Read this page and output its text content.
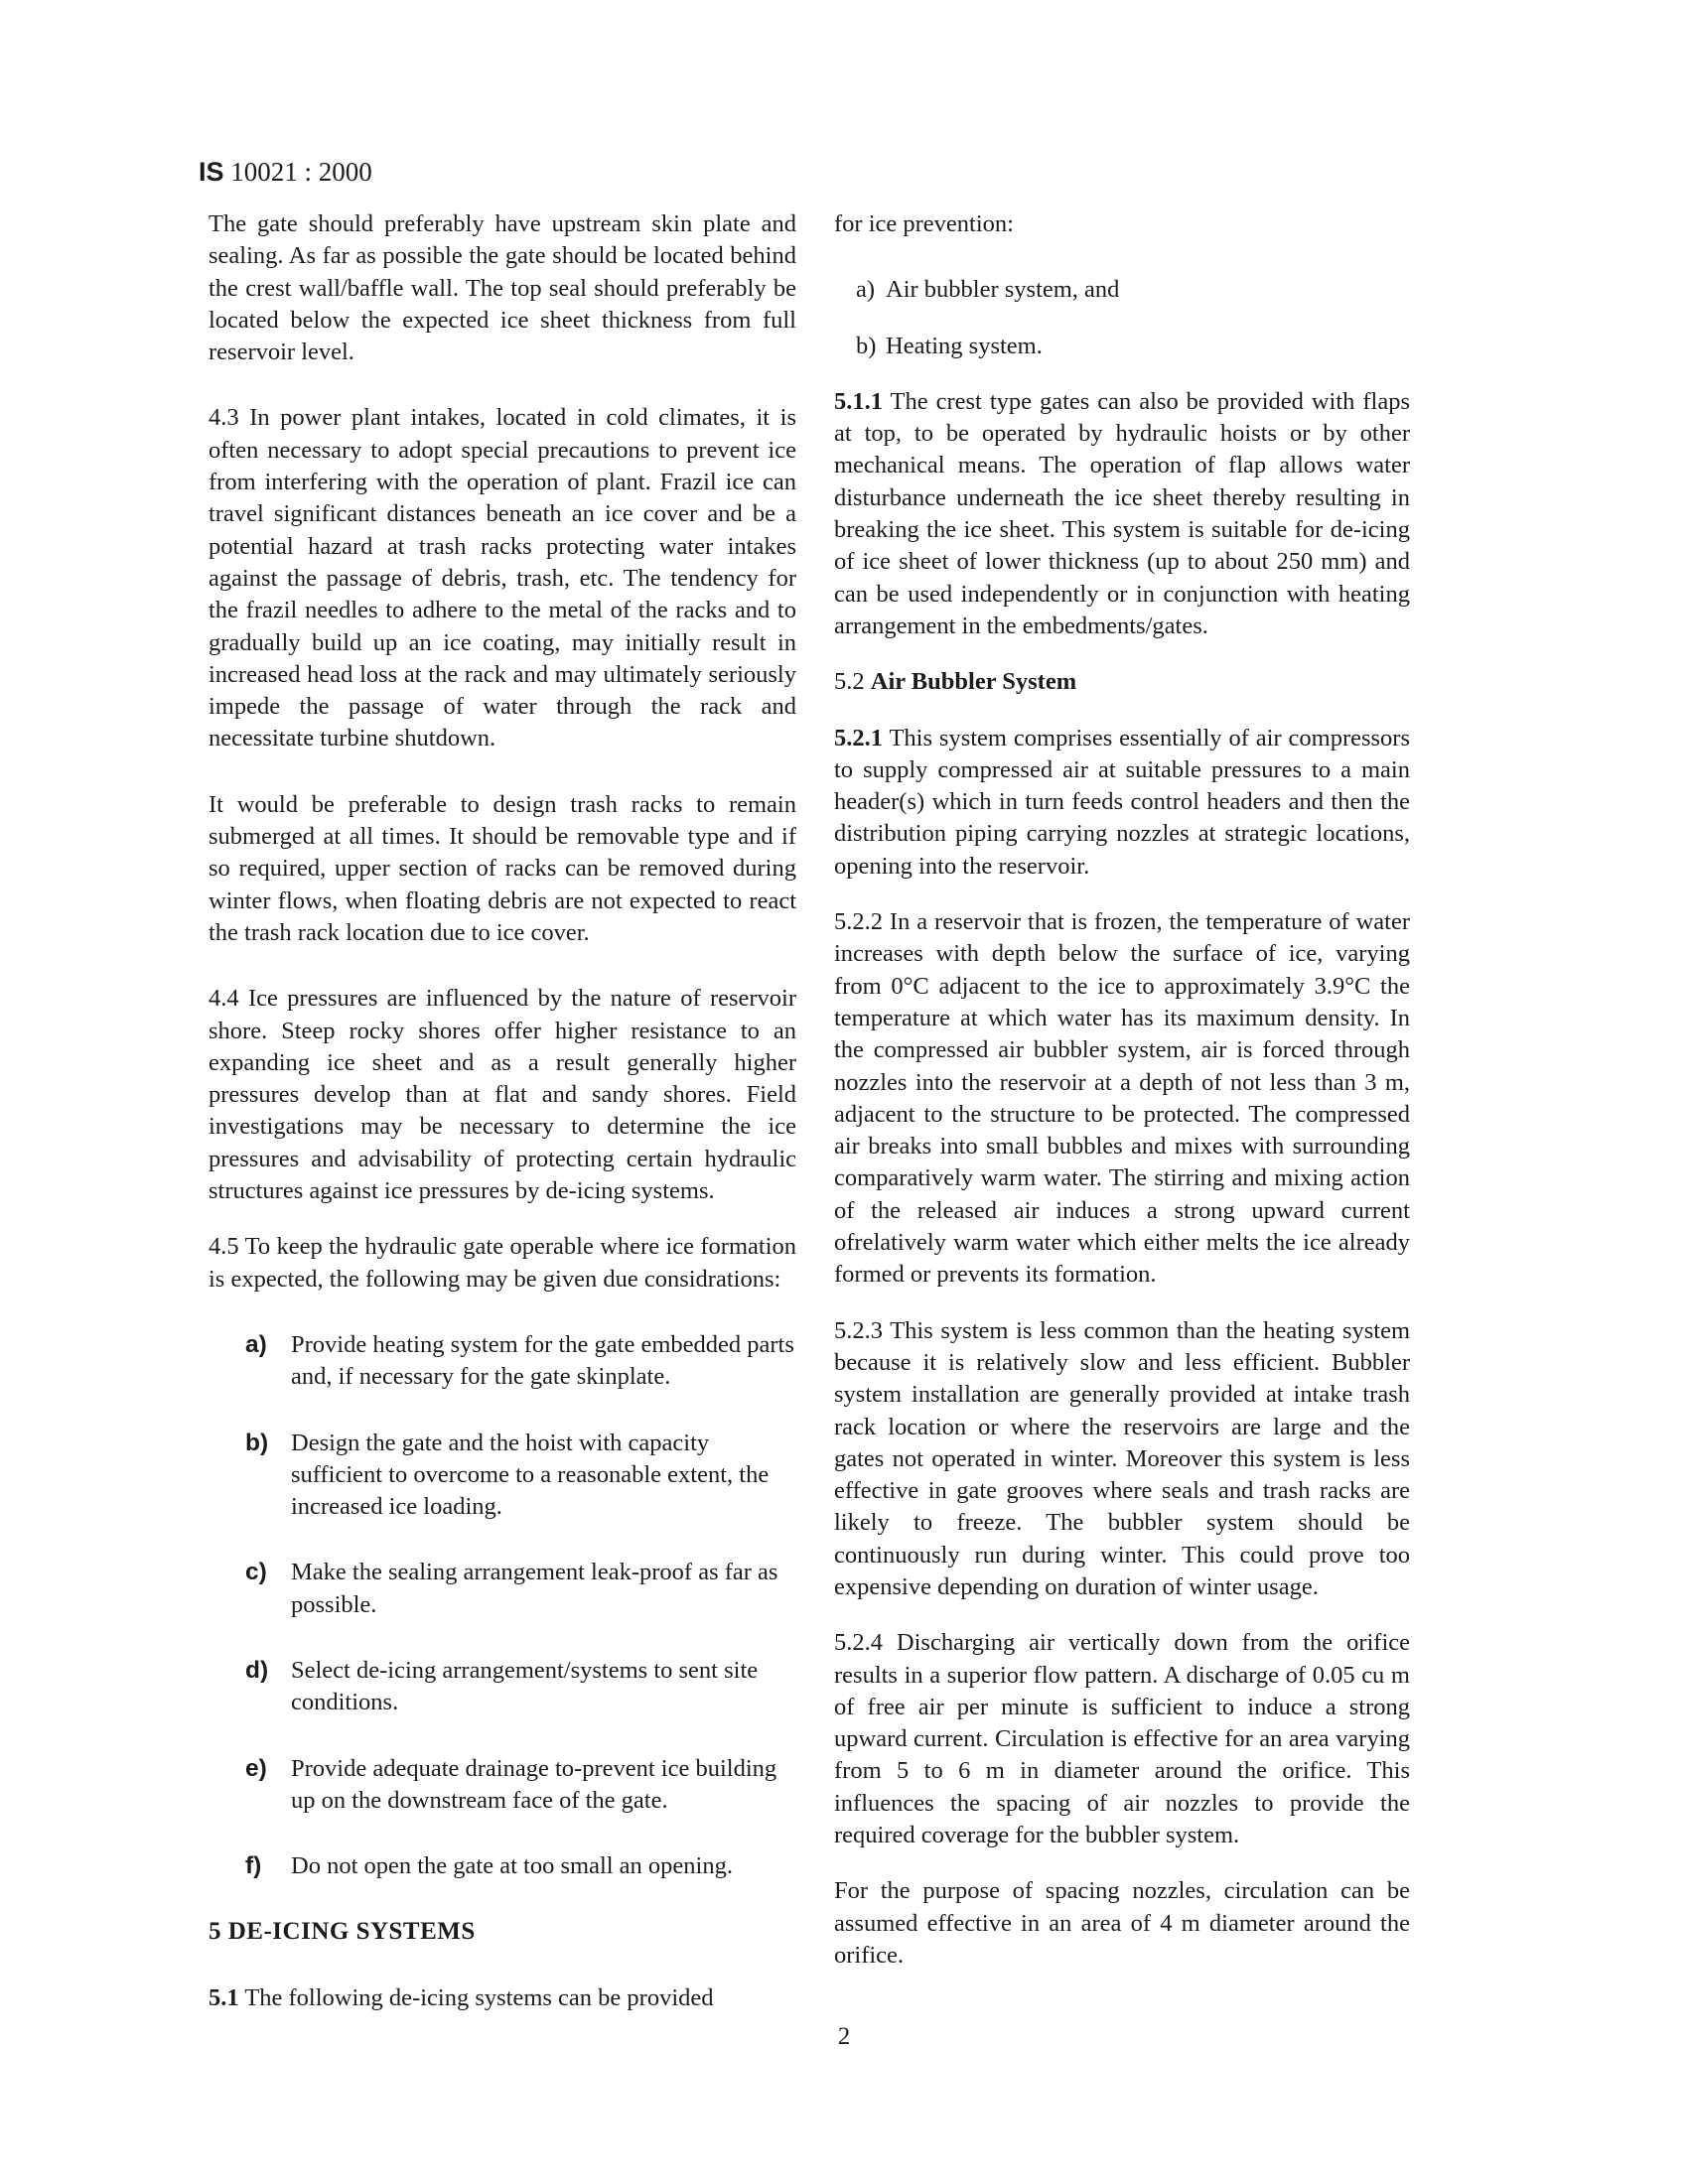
IS 10021 : 2000

The gate should preferably have upstream skin plate and sealing. As far as possible the gate should be located behind the crest wall/baffle wall. The top seal should preferably be located below the expected ice sheet thickness from full reservoir level.

4.3 In power plant intakes, located in cold climates, it is often necessary to adopt special precautions to prevent ice from interfering with the operation of plant. Frazil ice can travel significant distances beneath an ice cover and be a potential hazard at trash racks protecting water intakes against the passage of debris, trash, etc. The tendency for the frazil needles to adhere to the metal of the racks and to gradually build up an ice coating, may initially result in increased head loss at the rack and may ultimately seriously impede the passage of water through the rack and necessitate turbine shutdown.

It would be preferable to design trash racks to remain submerged at all times. It should be removable type and if so required, upper section of racks can be removed during winter flows, when floating debris are not expected to react the trash rack location due to ice cover.

4.4 Ice pressures are influenced by the nature of reservoir shore. Steep rocky shores offer higher resistance to an expanding ice sheet and as a result generally higher pressures develop than at flat and sandy shores. Field investigations may be necessary to determine the ice pressures and advisability of protecting certain hydraulic structures against ice pressures by de-icing systems.

4.5 To keep the hydraulic gate operable where ice formation is expected, the following may be given due considrations:

a) Provide heating system for the gate embedded parts and, if necessary for the gate skinplate.

b) Design the gate and the hoist with capacity sufficient to overcome to a reasonable extent, the increased ice loading.

c) Make the sealing arrangement leak-proof as far as possible.

d) Select de-icing arrangement/systems to sent site conditions.

e) Provide adequate drainage to-prevent ice building up on the downstream face of the gate.

f) Do not open the gate at too small an opening.

5 DE-ICING SYSTEMS

5.1 The following de-icing systems can be provided

for ice prevention:

a) Air bubbler system, and

b) Heating system.

5.1.1 The crest type gates can also be provided with flaps at top, to be operated by hydraulic hoists or by other mechanical means. The operation of flap allows water disturbance underneath the ice sheet thereby resulting in breaking the ice sheet. This system is suitable for de-icing of ice sheet of lower thickness (up to about 250 mm) and can be used independently or in conjunction with heating arrangement in the embedments/gates.

5.2 Air Bubbler System

5.2.1 This system comprises essentially of air compressors to supply compressed air at suitable pressures to a main header(s) which in turn feeds control headers and then the distribution piping carrying nozzles at strategic locations, opening into the reservoir.

5.2.2 In a reservoir that is frozen, the temperature of water increases with depth below the surface of ice, varying from 0°C adjacent to the ice to approximately 3.9°C the temperature at which water has its maximum density. In the compressed air bubbler system, air is forced through nozzles into the reservoir at a depth of not less than 3 m, adjacent to the structure to be protected. The compressed air breaks into small bubbles and mixes with surrounding comparatively warm water. The stirring and mixing action of the released air induces a strong upward current ofrelatively warm water which either melts the ice already formed or prevents its formation.

5.2.3 This system is less common than the heating system because it is relatively slow and less efficient. Bubbler system installation are generally provided at intake trash rack location or where the reservoirs are large and the gates not operated in winter. Moreover this system is less effective in gate grooves where seals and trash racks are likely to freeze. The bubbler system should be continuously run during winter. This could prove too expensive depending on duration of winter usage.

5.2.4 Discharging air vertically down from the orifice results in a superior flow pattern. A discharge of 0.05 cu m of free air per minute is sufficient to induce a strong upward current. Circulation is effective for an area varying from 5 to 6 m in diameter around the orifice. This influences the spacing of air nozzles to provide the required coverage for the bubbler system.

For the purpose of spacing nozzles, circulation can be assumed effective in an area of 4 m diameter around the orifice.

2
